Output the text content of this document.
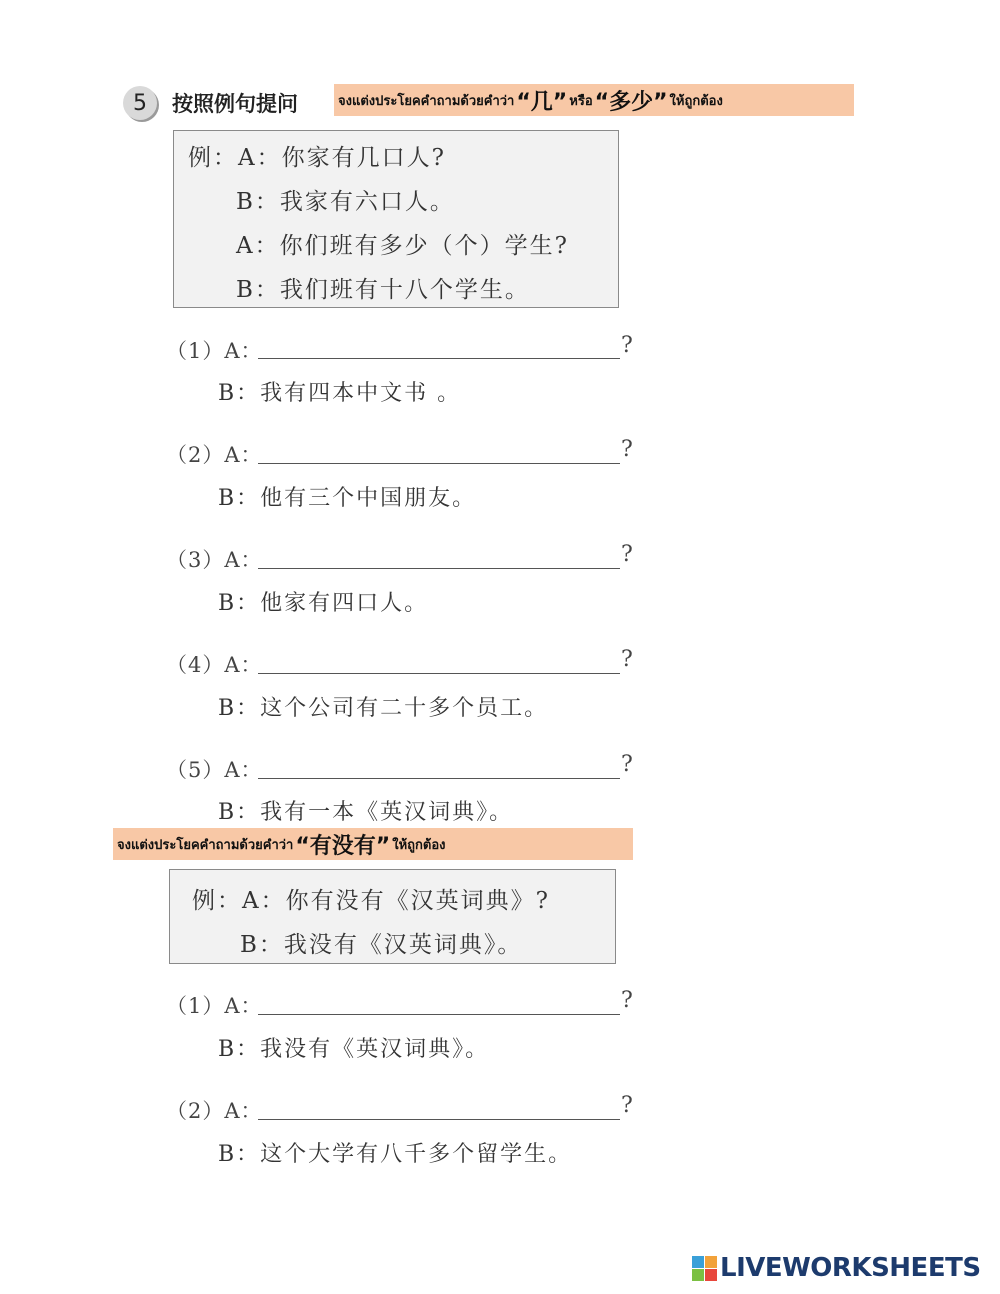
5	按照例句提问	จงแต่งประโยคคำถามด้วยคำว่า “几” หรือ “多少” ให้ถูกต้อง
例：A：你家有几口人?
B：我家有六口人。
A：你们班有多少（个）学生?
B：我们班有十八个学生。
（1）A：	?
B：我有四本中文书 。
（2）A：	?
B：他有三个中国朋友。
（3）A：	?
B：他家有四口人。
（4）A：	?
B：这个公司有二十多个员工。
（5）A：	?
B：我有一本《英汉词典》。
จงแต่งประโยคคำถามด้วยคำว่า “有没有” ให้ถูกต้อง
例：A：你有没有《汉英词典》?
B：我没有《汉英词典》。
（1）A：	?
B：我没有《英汉词典》。
（2）A：	?
B：这个大学有八千多个留学生。
LIVEWORKSHEETS
